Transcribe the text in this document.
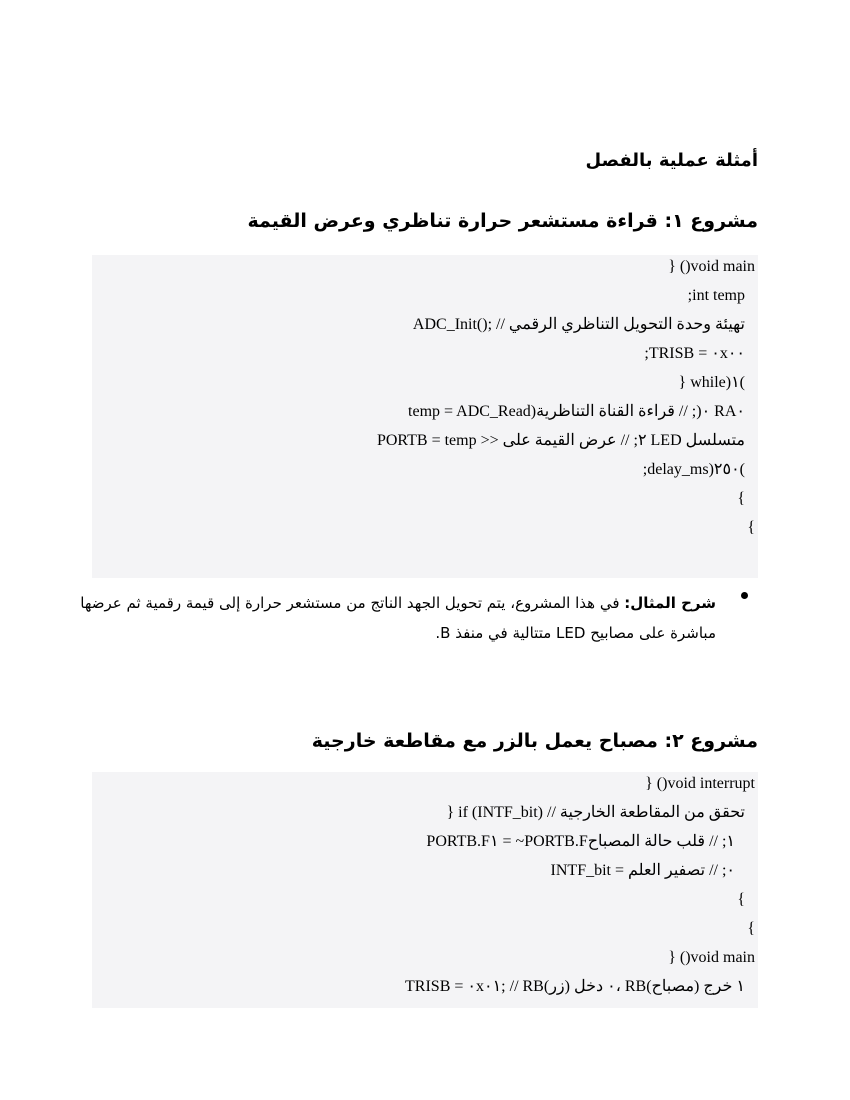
أمثلة عملية بالفصل
مشروع ١: قراءة مستشعر حرارة تناظري وعرض القيمة
} ()void main
;int temp
ADC_Init(); // تهيئة وحدة التحويل التناظري الرقمي
;TRISB = ٠x٠٠
} while)١(
temp = ADC_Read)٠(; // قراءة القناة التناظرية RA٠
PORTB = temp >> ٢; // عرض القيمة على LED متسلسل
;delay_ms)٢٥٠(
{
{
شرح المثال: في هذا المشروع، يتم تحويل الجهد الناتج من مستشعر حرارة إلى قيمة رقمية ثم عرضها مباشرة على مصابيح LED متتالية في منفذ B.
مشروع ٢: مصباح يعمل بالزر مع مقاطعة خارجية
} ()void interrupt
} if (INTF_bit) // تحقق من المقاطعة الخارجية
PORTB.F١ = ~PORTB.F١; // قلب حالة المصباح
INTF_bit = ٠; // تصفير العلم
{
{
} ()void main
TRISB = ٠x٠١; // RB٠ دخل (زر)، RB١ خرج (مصباح)
